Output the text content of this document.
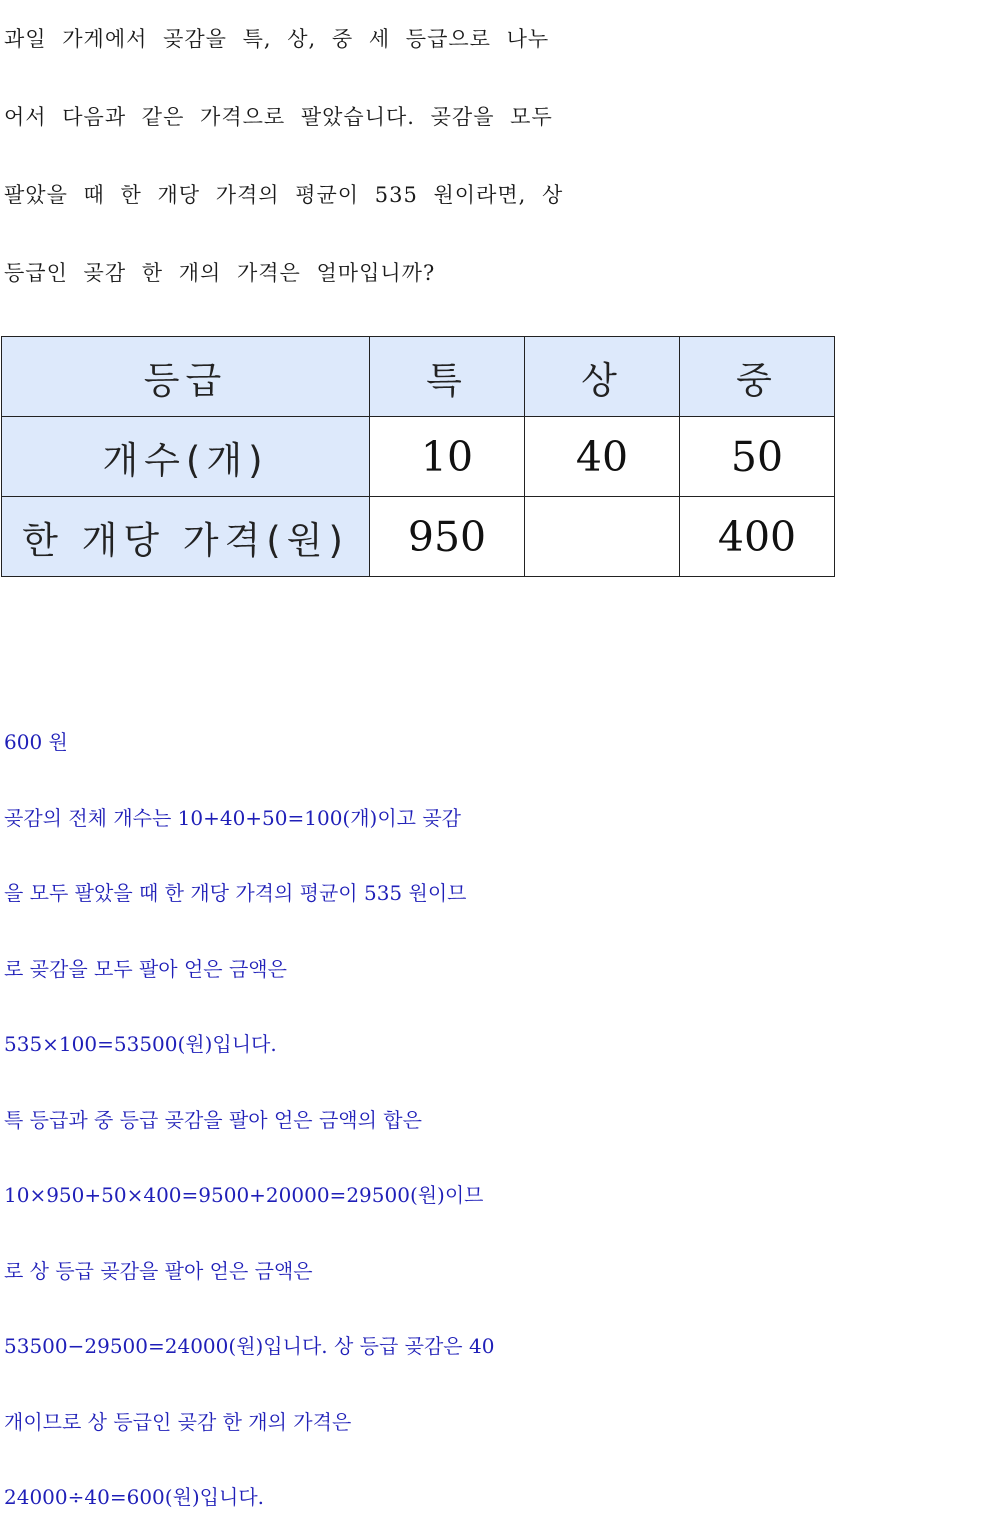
과일 가게에서 곶감을 특, 상, 중 세 등급으로 나누
어서 다음과 같은 가격으로 팔았습니다. 곶감을 모두
팔았을 때 한 개당 가격의 평균이 535 원이라면, 상
등급인 곶감 한 개의 가격은 얼마입니까?
등급	특	상	중
개수(개)	10	40	50
한 개당 가격(원)	950		400
600 원
곶감의 전체 개수는 10+40+50=100(개)이고 곶감
을 모두 팔았을 때 한 개당 가격의 평균이 535 원이므
로 곶감을 모두 팔아 얻은 금액은
535×100=53500(원)입니다.
특 등급과 중 등급 곶감을 팔아 얻은 금액의 합은
10×950+50×400=9500+20000=29500(원)이므
로 상 등급 곶감을 팔아 얻은 금액은
53500−29500=24000(원)입니다. 상 등급 곶감은 40
개이므로 상 등급인 곶감 한 개의 가격은
24000÷40=600(원)입니다.
